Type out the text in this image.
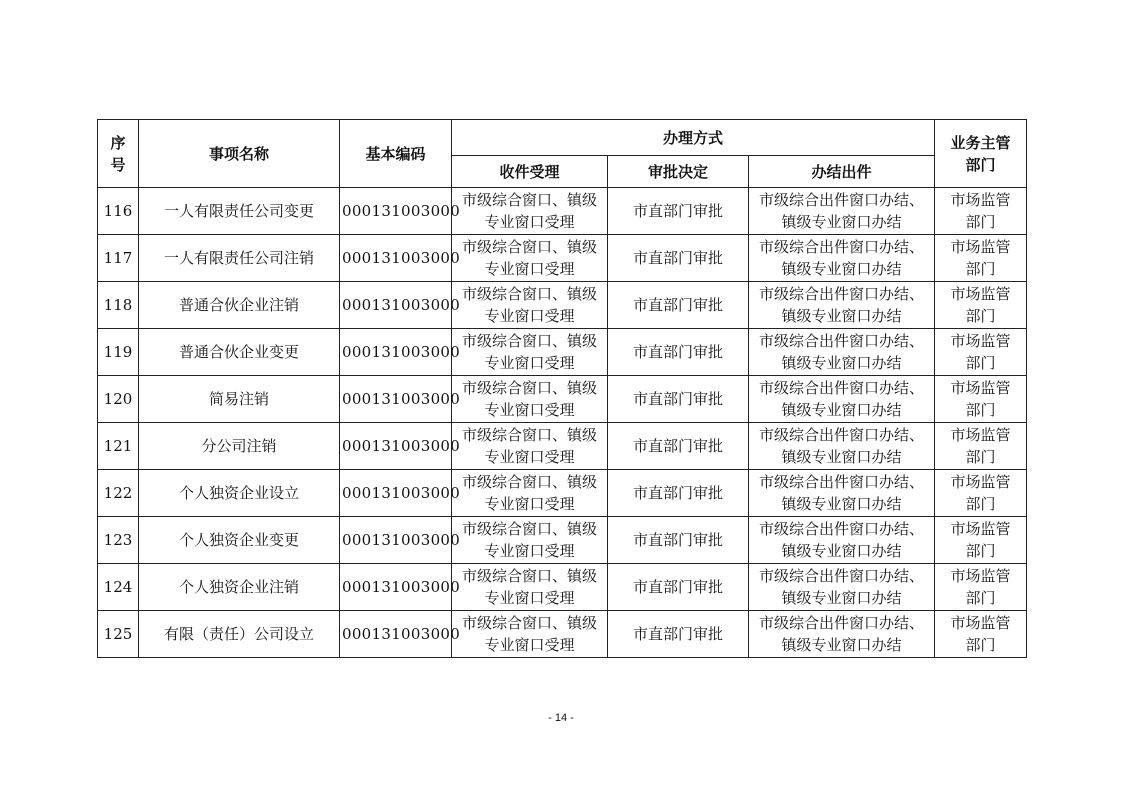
序
号	事项名称	基本编码	办理方式			业务主管
部门

			收件受理	审批决定	办结出件	
116	一人有限责任公司变更	000131003000	市级综合窗口、镇级
专业窗口受理	市直部门审批	市级综合出件窗口办结、
镇级专业窗口办结	市场监管
部门

117	一人有限责任公司注销	000131003000	市级综合窗口、镇级
专业窗口受理	市直部门审批	市级综合出件窗口办结、
镇级专业窗口办结	市场监管
部门

118	普通合伙企业注销	000131003000	市级综合窗口、镇级
专业窗口受理	市直部门审批	市级综合出件窗口办结、
镇级专业窗口办结	市场监管
部门

119	普通合伙企业变更	000131003000	市级综合窗口、镇级
专业窗口受理	市直部门审批	市级综合出件窗口办结、
镇级专业窗口办结	市场监管
部门

120	简易注销	000131003000	市级综合窗口、镇级
专业窗口受理	市直部门审批	市级综合出件窗口办结、
镇级专业窗口办结	市场监管
部门

121	分公司注销	000131003000	市级综合窗口、镇级
专业窗口受理	市直部门审批	市级综合出件窗口办结、
镇级专业窗口办结	市场监管
部门

122	个人独资企业设立	000131003000	市级综合窗口、镇级
专业窗口受理	市直部门审批	市级综合出件窗口办结、
镇级专业窗口办结	市场监管
部门

123	个人独资企业变更	000131003000	市级综合窗口、镇级
专业窗口受理	市直部门审批	市级综合出件窗口办结、
镇级专业窗口办结	市场监管
部门

124	个人独资企业注销	000131003000	市级综合窗口、镇级
专业窗口受理	市直部门审批	市级综合出件窗口办结、
镇级专业窗口办结	市场监管
部门

125	有限（责任）公司设立	000131003000	市级综合窗口、镇级
专业窗口受理	市直部门审批	市级综合出件窗口办结、
镇级专业窗口办结	市场监管
部门
- 14 -
